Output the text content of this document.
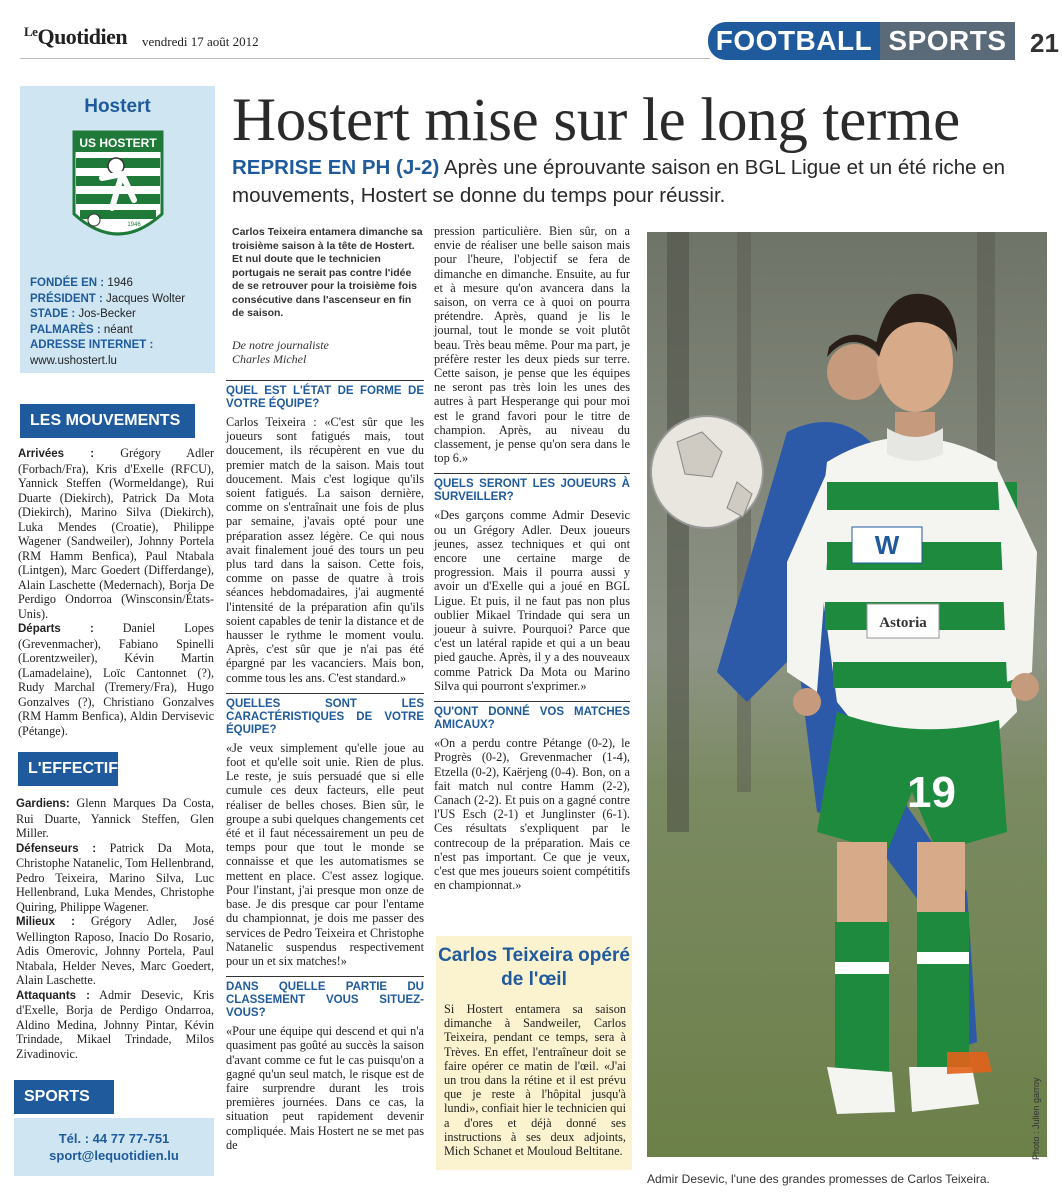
$^{Le}$Quotidien vendredi 17 août 2012	FOOTBALL SPORTS 21
Hostert
US HOSTERT
1946
FONDÉE EN : 1946
PRÉSIDENT : Jacques Wolter
STADE : Jos-Becker
PALMARÈS : néant
ADRESSE INTERNET :
www.ushostert.lu
LES MOUVEMENTS

Arrivées : Grégory Adler (Forbach/Fra), Kris d'Exelle (RFCU), Yannick Steffen (Wormeldange), Rui Duarte (Diekirch), Patrick Da Mota (Diekirch), Marino Silva (Diekirch), Luka Mendes (Croatie), Philippe Wagener (Sandweiler), Johnny Portela (RM Hamm Benfica), Paul Ntabala (Lintgen), Marc Goedert (Differdange), Alain Laschette (Medernach), Borja De Perdigo Ondorroa (Winsconsin/États-Unis).

Départs : Daniel Lopes (Grevenmacher), Fabiano Spinelli (Lorentzweiler), Kévin Martin (Lamadelaine), Loïc Cantonnet (?), Rudy Marchal (Tremery/Fra), Hugo Gonzalves (?), Christiano Gonzalves (RM Hamm Benfica), Aldin Dervisevic (Pétange).

L'EFFECTIF

Gardiens: Glenn Marques Da Costa, Rui Duarte, Yannick Steffen, Glen Miller.

Défenseurs : Patrick Da Mota, Christophe Natanelic, Tom Hellenbrand, Pedro Teixeira, Marino Silva, Luc Hellenbrand, Luka Mendes, Christophe Quiring, Philippe Wagener.

Milieux : Grégory Adler, José Wellington Raposo, Inacio Do Rosario, Adis Omerovic, Johnny Portela, Paul Ntabala, Helder Neves, Marc Goedert, Alain Laschette.

Attaquants : Admir Desevic, Kris d'Exelle, Borja de Perdigo Ondarroa, Aldino Medina, Johnny Pintar, Kévin Trindade, Mikael Trindade, Milos Zivadinovic.

SPORTS
Tél. : 44 77 77-751
sport@lequotidien.lu
Hostert mise sur le long terme
REPRISE EN PH (J-2) Après une éprouvante saison en BGL Ligue et un été riche en mouvements, Hostert se donne du temps pour réussir.
Carlos Teixeira entamera dimanche sa troisième saison à la tête de Hostert. Et nul doute que le technicien portugais ne serait pas contre l'idée de se retrouver pour la troisième fois consécutive dans l'ascenseur en fin de saison.
De notre journaliste
Charles Michel
QUEL EST L'ÉTAT DE FORME DE VOTRE ÉQUIPE?

Carlos Teixeira : «C'est sûr que les joueurs sont fatigués mais, tout doucement, ils récupèrent en vue du premier match de la saison. Mais tout doucement. Mais c'est logique qu'ils soient fatigués. La saison dernière, comme on s'entraînait une fois de plus par semaine, j'avais opté pour une préparation assez légère. Ce qui nous avait finalement joué des tours un peu plus tard dans la saison. Cette fois, comme on passe de quatre à trois séances hebdomadaires, j'ai augmenté l'intensité de la préparation afin qu'ils soient capables de tenir la distance et de hausser le rythme le moment voulu. Après, c'est sûr que je n'ai pas été épargné par les vacanciers. Mais bon, comme tous les ans. C'est standard.»

QUELLES SONT LES CARACTÉRISTIQUES DE VOTRE ÉQUIPE?

«Je veux simplement qu'elle joue au foot et qu'elle soit unie. Rien de plus. Le reste, je suis persuadé que si elle cumule ces deux facteurs, elle peut réaliser de belles choses. Bien sûr, le groupe a subi quelques changements cet été et il faut nécessairement un peu de temps pour que tout le monde se connaisse et que les automatismes se mettent en place. C'est assez logique. Pour l'instant, j'ai presque mon onze de base. Je dis presque car pour l'entame du championnat, je dois me passer des services de Pedro Teixeira et Christophe Natanelic suspendus respectivement pour un et six matches!»

DANS QUELLE PARTIE DU CLASSEMENT VOUS SITUEZ-VOUS?

«Pour une équipe qui descend et qui n'a quasiment pas goûté au succès la saison d'avant comme ce fut le cas puisqu'on a gagné qu'un seul match, le risque est de faire surprendre durant les trois premières journées. Dans ce cas, la situation peut rapidement devenir compliquée. Mais Hostert ne se met pas de

pression particulière. Bien sûr, on a envie de réaliser une belle saison mais pour l'heure, l'objectif se fera de dimanche en dimanche. Ensuite, au fur et à mesure qu'on avancera dans la saison, on verra ce à quoi on pourra prétendre. Après, quand je lis le journal, tout le monde se voit plutôt beau. Très beau même. Pour ma part, je préfère rester les deux pieds sur terre. Cette saison, je pense que les équipes ne seront pas très loin les unes des autres à part Hesperange qui pour moi est le grand favori pour le titre de champion. Après, au niveau du classement, je pense qu'on sera dans le top 6.»

QUELS SERONT LES JOUEURS À SURVEILLER?

«Des garçons comme Admir Desevic ou un Grégory Adler. Deux joueurs jeunes, assez techniques et qui ont encore une certaine marge de progression. Mais il pourra aussi y avoir un d'Exelle qui a joué en BGL Ligue. Et puis, il ne faut pas non plus oublier Mikael Trindade qui sera un joueur à suivre. Pourquoi? Parce que c'est un latéral rapide et qui a un beau pied gauche. Après, il y a des nouveaux comme Patrick Da Mota ou Marino Silva qui pourront s'exprimer.»

QU'ONT DONNÉ VOS MATCHES AMICAUX?

«On a perdu contre Pétange (0-2), le Progrès (0-2), Grevenmacher (1-4), Etzella (0-2), Kaërjeng (0-4). Bon, on a fait match nul contre Hamm (2-2), Canach (2-2). Et puis on a gagné contre l'US Esch (2-1) et Junglinster (6-1). Ces résultats s'expliquent par le contrecoup de la préparation. Mais ce n'est pas important. Ce que je veux, c'est que mes joueurs soient compétitifs en championnat.»

Carlos Teixeira opéré de l'œil
Si Hostert entamera sa saison dimanche à Sandweiler, Carlos Teixeira, pendant ce temps, sera à Trèves. En effet, l'entraîneur doit se faire opérer ce matin de l'œil. «J'ai un trou dans la rétine et il est prévu que je reste à l'hôpital jusqu'à lundi», confiait hier le technicien qui a d'ores et déjà donné ses instructions à ses deux adjoints, Mich Schanet et Mouloud Beltitane.
W
Astoria
19
Photo : Julien garroy
Admir Desevic, l'une des grandes promesses de Carlos Teixeira.
